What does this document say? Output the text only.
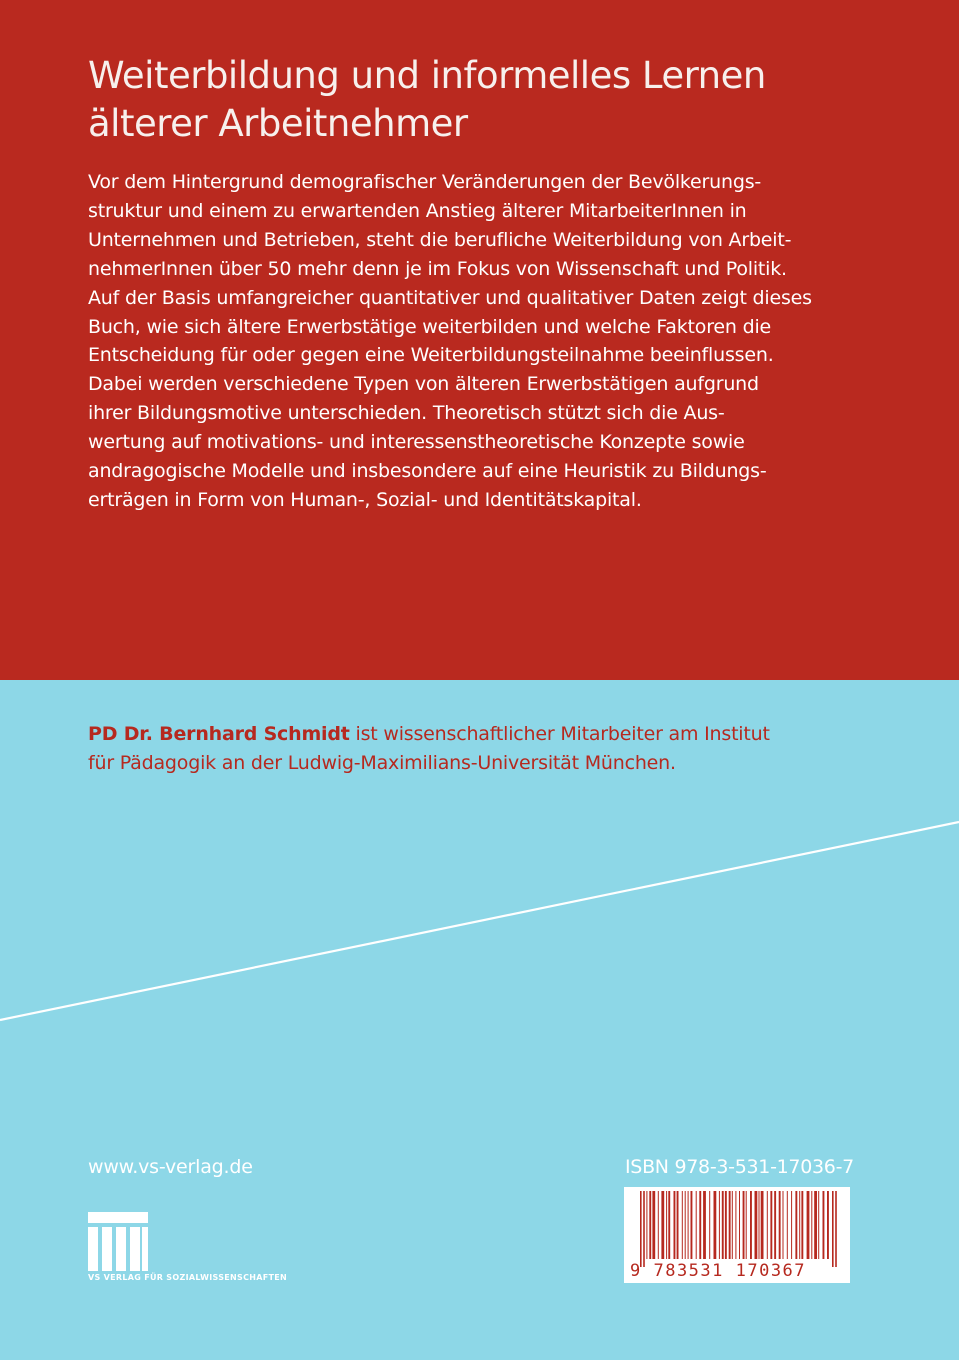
Weiterbildung und informelles Lernen
älterer Arbeitnehmer
Vor dem Hintergrund demografischer Veränderungen der Bevölkerungs-
struktur und einem zu erwartenden Anstieg älterer MitarbeiterInnen in
Unternehmen und Betrieben, steht die berufliche Weiterbildung von Arbeit-
nehmerInnen über 50 mehr denn je im Fokus von Wissenschaft und Politik.
Auf der Basis umfangreicher quantitativer und qualitativer Daten zeigt dieses
Buch, wie sich ältere Erwerbstätige weiterbilden und welche Faktoren die
Entscheidung für oder gegen eine Weiterbildungsteilnahme beeinflussen.
Dabei werden verschiedene Typen von älteren Erwerbstätigen aufgrund
ihrer Bildungsmotive unterschieden. Theoretisch stützt sich die Aus-
wertung auf motivations- und interessenstheoretische Konzepte sowie
andragogische Modelle und insbesondere auf eine Heuristik zu Bildungs-
erträgen in Form von Human-, Sozial- und Identitätskapital.
PD Dr. Bernhard Schmidt ist wissenschaftlicher Mitarbeiter am Institut
für Pädagogik an der Ludwig-Maximilians-Universität München.
www.vs-verlag.de
VS VERLAG FÜR SOZIALWISSENSCHAFTEN
ISBN 978-3-531-17036-7
9 783531 170367
